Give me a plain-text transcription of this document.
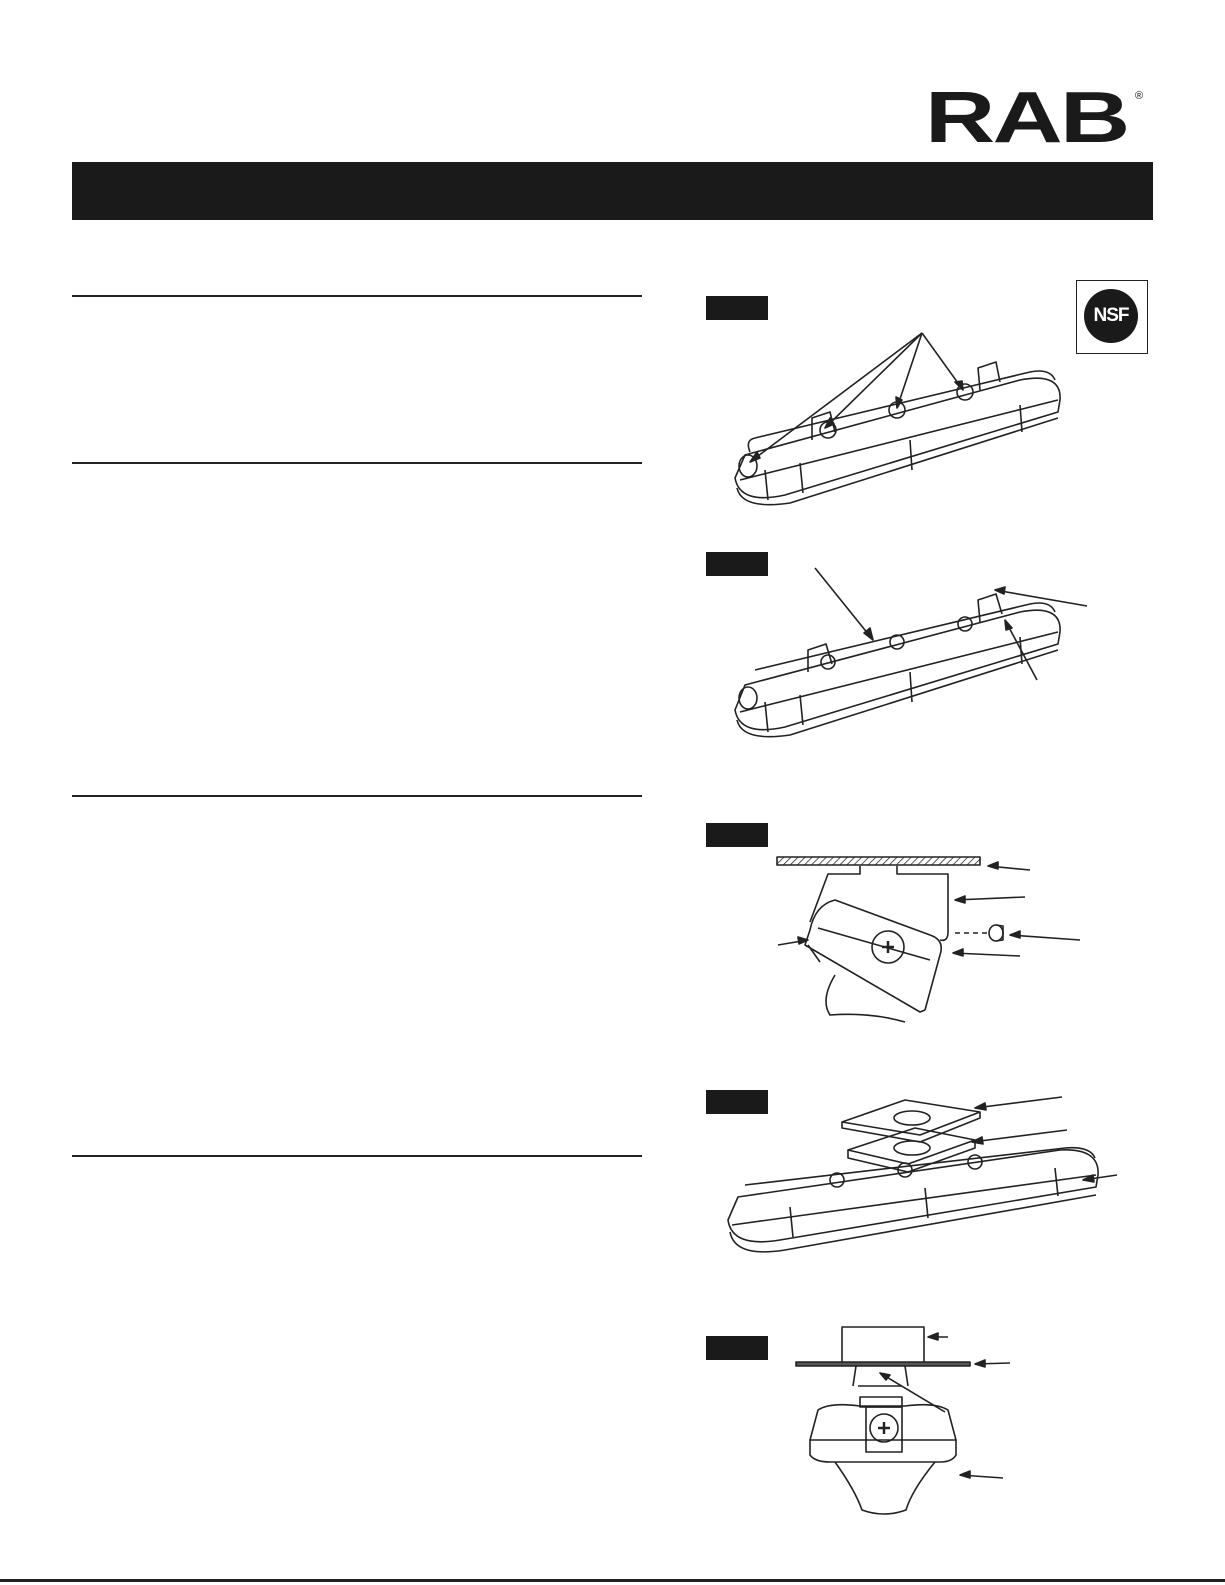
RAB ®
NSF
